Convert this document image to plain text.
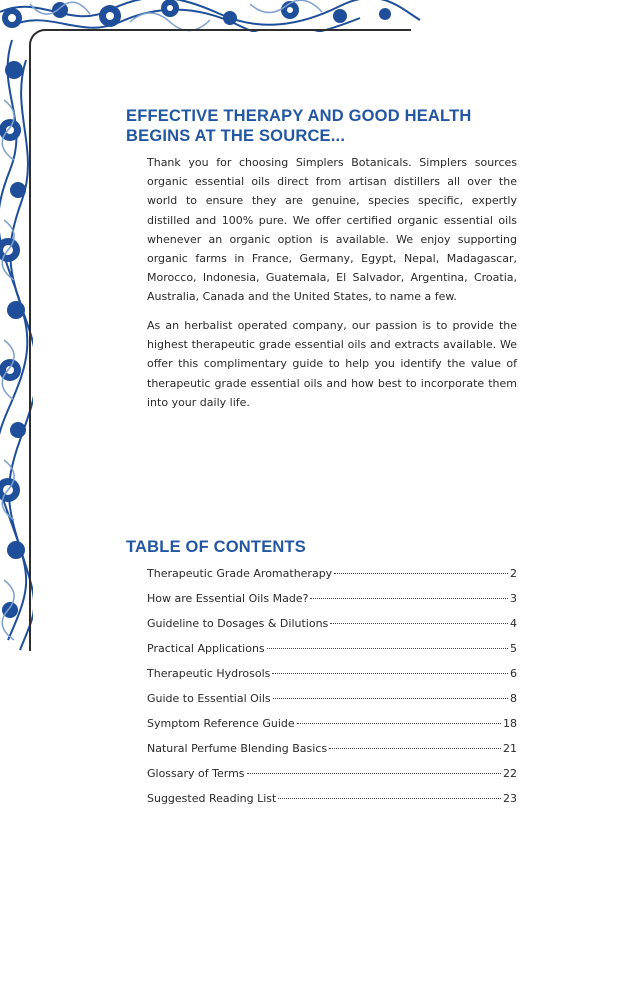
EFFECTIVE THERAPY AND GOOD HEALTH
BEGINS AT THE SOURCE...
Thank you for choosing Simplers Botanicals. Simplers sources organic essential oils direct from artisan distillers all over the world to ensure they are genuine, species specific, expertly distilled and 100% pure. We offer certified organic essential oils whenever an organic option is available. We enjoy supporting organic farms in France, Germany, Egypt, Nepal, Madagascar, Morocco, Indonesia, Guatemala, El Salvador, Argentina, Croatia, Australia, Canada and the United States, to name a few.
As an herbalist operated company, our passion is to provide the highest therapeutic grade essential oils and extracts available. We offer this complimentary guide to help you identify the value of therapeutic grade essential oils and how best to incorporate them into your daily life.
TABLE OF CONTENTS
Therapeutic Grade Aromatherapy	2
How are Essential Oils Made?	3
Guideline to Dosages & Dilutions	4
Practical Applications	5
Therapeutic Hydrosols	6
Guide to Essential Oils	8
Symptom Reference Guide	18
Natural Perfume Blending Basics	21
Glossary of Terms	22
Suggested Reading List	23
